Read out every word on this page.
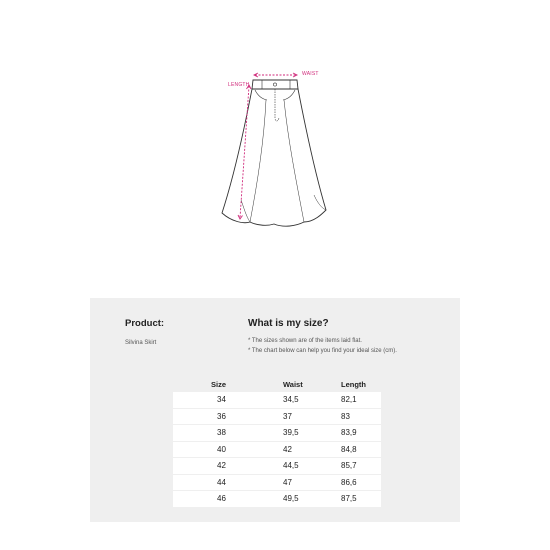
LENGTH
WAIST
Product:
Silvina Skirt
What is my size?
* The sizes shown are of the items laid flat.
* The chart below can help you find your ideal size (cm).
Size	Waist	Length
34	34,5	82,1
36	37	83
38	39,5	83,9
40	42	84,8
42	44,5	85,7
44	47	86,6
46	49,5	87,5
